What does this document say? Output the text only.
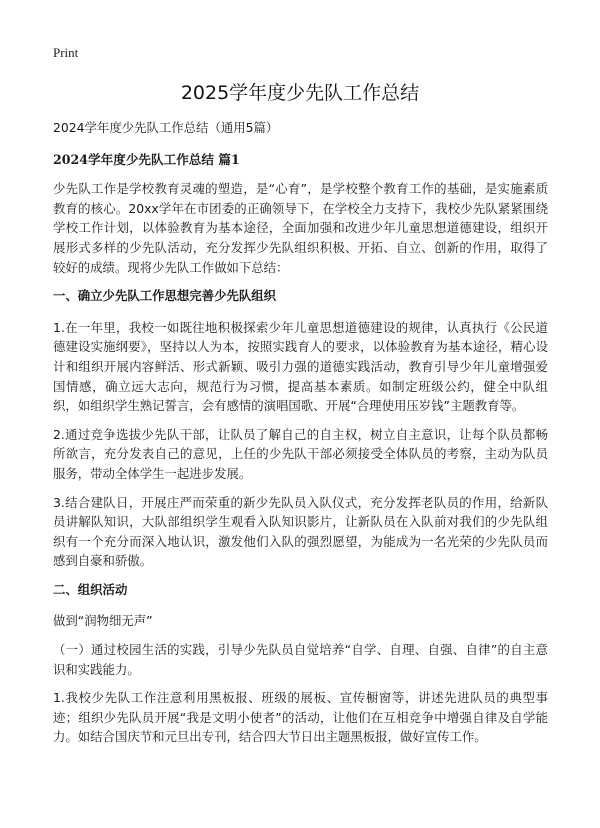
Print
2025学年度少先队工作总结

2024学年度少先队工作总结（通用5篇）

2024学年度少先队工作总结 篇1

少先队工作是学校教育灵魂的塑造，是“心育”，是学校整个教育工作的基础，是实施素质教育的核心。20xx学年在市团委的正确领导下，在学校全力支持下，我校少先队紧紧围绕学校工作计划，以体验教育为基本途径，全面加强和改进少年儿童思想道德建设，组织开展形式多样的少先队活动，充分发挥少先队组织积极、开拓、自立、创新的作用，取得了较好的成绩。现将少先队工作做如下总结：

一、确立少先队工作思想完善少先队组织

1.在一年里，我校一如既往地积极探索少年儿童思想道德建设的规律，认真执行《公民道德建设实施纲要》，坚持以人为本，按照实践育人的要求，以体验教育为基本途径，精心设计和组织开展内容鲜活、形式新颖、吸引力强的道德实践活动，教育引导少年儿童增强爱国情感，确立远大志向，规范行为习惯，提高基本素质。如制定班级公约，健全中队组织，如组织学生熟记誓言，会有感情的演唱国歌、开展“合理使用压岁钱”主题教育等。

2.通过竞争选拔少先队干部，让队员了解自己的自主权，树立自主意识，让每个队员都畅所欲言，充分发表自己的意见，上任的少先队干部必须接受全体队员的考察，主动为队员服务，带动全体学生一起进步发展。

3.结合建队日，开展庄严而荣重的新少先队员入队仪式，充分发挥老队员的作用，给新队员讲解队知识，大队部组织学生观看入队知识影片，让新队员在入队前对我们的少先队组织有一个充分而深入地认识，激发他们入队的强烈愿望，为能成为一名光荣的少先队员而感到自豪和骄傲。

二、组织活动

做到“润物细无声”

（一）通过校园生活的实践，引导少先队员自觉培养“自学、自理、自强、自律”的自主意识和实践能力。

1.我校少先队工作注意利用黑板报、班级的展板、宣传橱窗等，讲述先进队员的典型事迹；组织少先队员开展“我是文明小使者”的活动，让他们在互相竞争中增强自律及自学能力。如结合国庆节和元旦出专刊，结合四大节日出主题黑板报，做好宣传工作。
